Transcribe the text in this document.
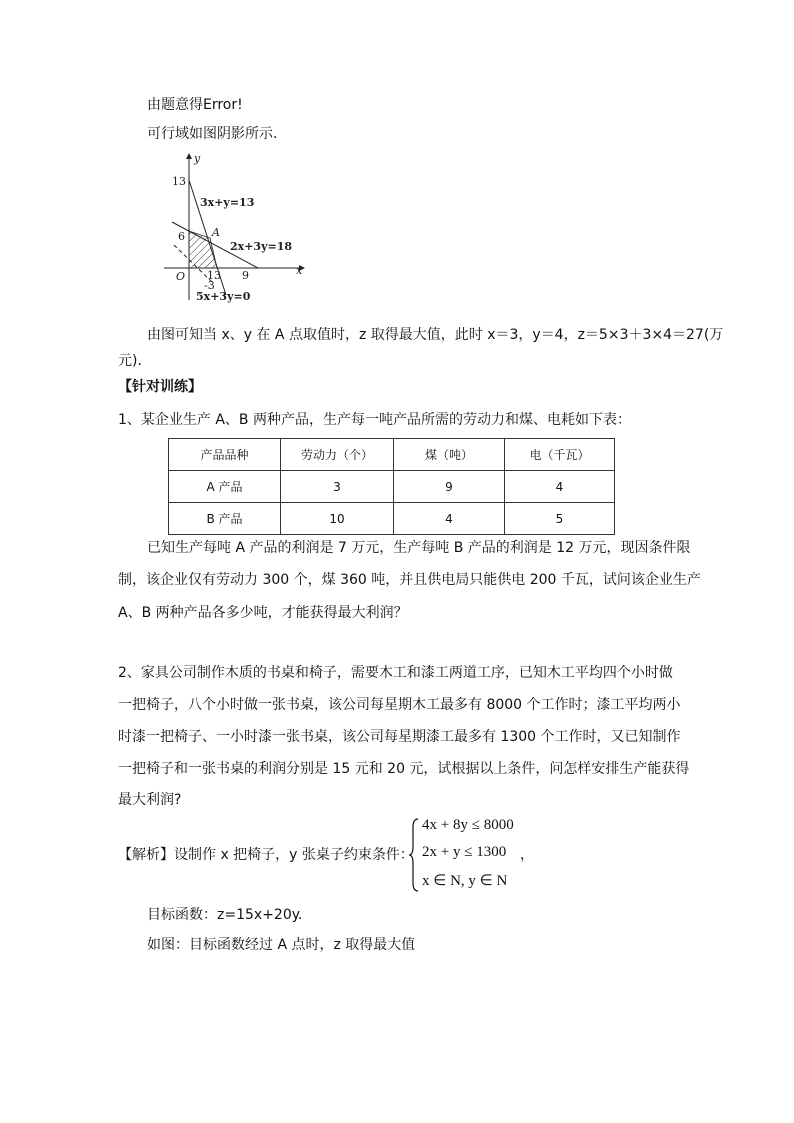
由题意得Error!
可行域如图阴影所示．
y
x
O
A
13
6
13 9
-3
3x+y=13
2x+3y=18
5x+3y=0
由图可知当 x、y 在 A 点取值时，z 取得最大值，此时 x＝3，y＝4，z＝5×3＋3×4＝27(万
元)．
【针对训练】
1、某企业生产 A、B 两种产品，生产每一吨产品所需的劳动力和煤、电耗如下表：
产品品种	劳动力（个）	煤（吨）	电（千瓦）
A 产品	3	9	4
B 产品	10	4	5
已知生产每吨 A 产品的利润是 7 万元，生产每吨 B 产品的利润是 12 万元，现因条件限
制，该企业仅有劳动力 300 个，煤 360 吨，并且供电局只能供电 200 千瓦，试问该企业生产
A、B 两种产品各多少吨，才能获得最大利润？
2、家具公司制作木质的书桌和椅子，需要木工和漆工两道工序，已知木工平均四个小时做
一把椅子，八个小时做一张书桌，该公司每星期木工最多有 8000 个工作时；漆工平均两小
时漆一把椅子、一小时漆一张书桌，该公司每星期漆工最多有 1300 个工作时，又已知制作
一把椅子和一张书桌的利润分别是 15 元和 20 元，试根据以上条件，问怎样安排生产能获得
最大利润?
【解析】设制作 x 把椅子，y 张桌子约束条件：
4x + 8y ≤ 8000
2x + y ≤ 1300
x ∈ N, y ∈ N
，
目标函数：z=15x+20y.
如图：目标函数经过 A 点时，z 取得最大值
